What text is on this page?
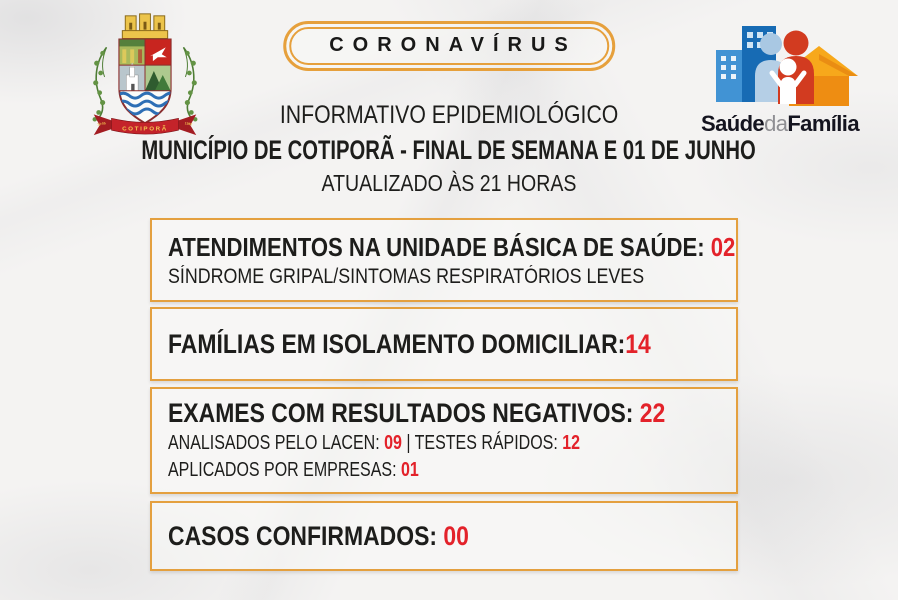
12-05	1982
COTIPORÃ
CORONAVÍRUS
SaúdedaFamília
INFORMATIVO EPIDEMIOLÓGICO
MUNICÍPIO DE COTIPORÃ - FINAL DE SEMANA E 01 DE JUNHO
ATUALIZADO ÀS 21 HORAS
ATENDIMENTOS NA UNIDADE BÁSICA DE SAÚDE: 02
SÍNDROME GRIPAL/SINTOMAS RESPIRATÓRIOS LEVES
FAMÍLIAS EM ISOLAMENTO DOMICILIAR:14
EXAMES COM RESULTADOS NEGATIVOS: 22
ANALISADOS PELO LACEN: 09 | TESTES RÁPIDOS: 12
APLICADOS POR EMPRESAS: 01
CASOS CONFIRMADOS: 00
